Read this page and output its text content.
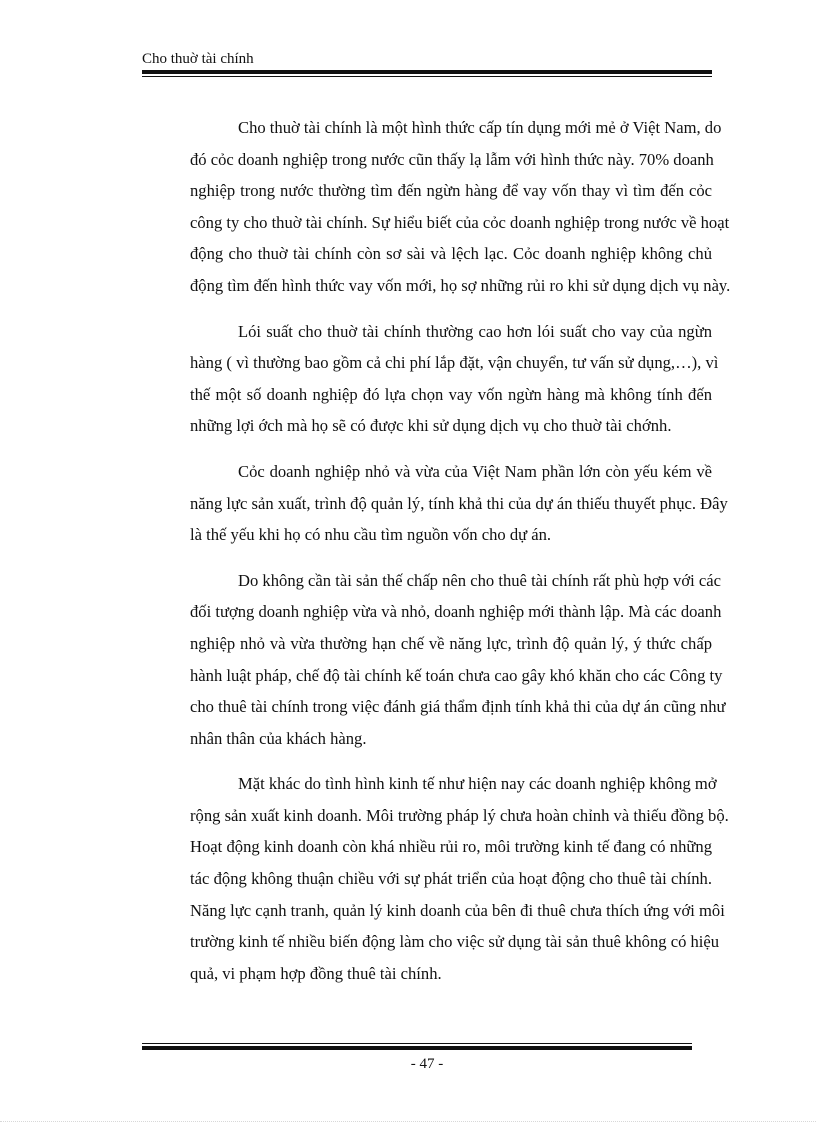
Cho thuờ tài chính
Cho thuờ tài chính là một hình thức cấp tín dụng mới mẻ ở Việt Nam, do
đó cỏc doanh nghiệp trong nước cũn thấy lạ lẫm với hình thức này. 70% doanh
nghiệp trong nước thường tìm đến ngừn hàng để vay vốn thay vì tìm đến cỏc
công ty cho thuờ tài chính. Sự hiểu biết của cỏc doanh nghiệp trong nước về hoạt
động cho thuờ tài chính còn sơ sài và lệch lạc. Cỏc doanh nghiệp không chủ
động tìm đến hình thức vay vốn mới, họ sợ những rủi ro khi sử dụng dịch vụ này.
Lói suất cho thuờ tài chính thường cao hơn lói suất cho vay của ngừn
hàng ( vì thường bao gồm cả chi phí lắp đặt, vận chuyển, tư vấn sử dụng,…), vì
thế một số doanh nghiệp đó lựa chọn vay vốn ngừn hàng mà không tính đến
những lợi ớch mà họ sẽ có được khi sử dụng dịch vụ cho thuờ tài chớnh.
Cỏc doanh nghiệp nhỏ và vừa của Việt Nam phần lớn còn yếu kém về
năng lực sản xuất, trình độ quản lý, tính khả thi của dự án thiếu thuyết phục. Đây
là thế yếu khi họ có nhu cầu tìm nguồn vốn cho dự án.
Do không cần tài sản thế chấp nên cho thuê tài chính rất phù hợp với các
đối tượng doanh nghiệp vừa và nhỏ, doanh nghiệp mới thành lập. Mà các doanh
nghiệp nhỏ và vừa thường hạn chế về năng lực, trình độ quản lý, ý thức chấp
hành luật pháp, chế độ tài chính kế toán chưa cao gây khó khăn cho các Công ty
cho thuê tài chính trong việc đánh giá thẩm định tính khả thi của dự án cũng như
nhân thân của khách hàng.
Mặt khác do tình hình kinh tế như hiện nay các doanh nghiệp không mở
rộng sản xuất kinh doanh. Môi trường pháp lý chưa hoàn chỉnh và thiếu đồng bộ.
Hoạt động kinh doanh còn khá nhiều rủi ro, môi trường kinh tế đang có những
tác động không thuận chiều với sự phát triển của hoạt động cho thuê tài chính.
Năng lực cạnh tranh, quản lý kinh doanh của bên đi thuê chưa thích ứng với môi
trường kinh tế nhiều biến động làm cho việc sử dụng tài sản thuê không có hiệu
quả, vi phạm hợp đồng thuê tài chính.
- 47 -
